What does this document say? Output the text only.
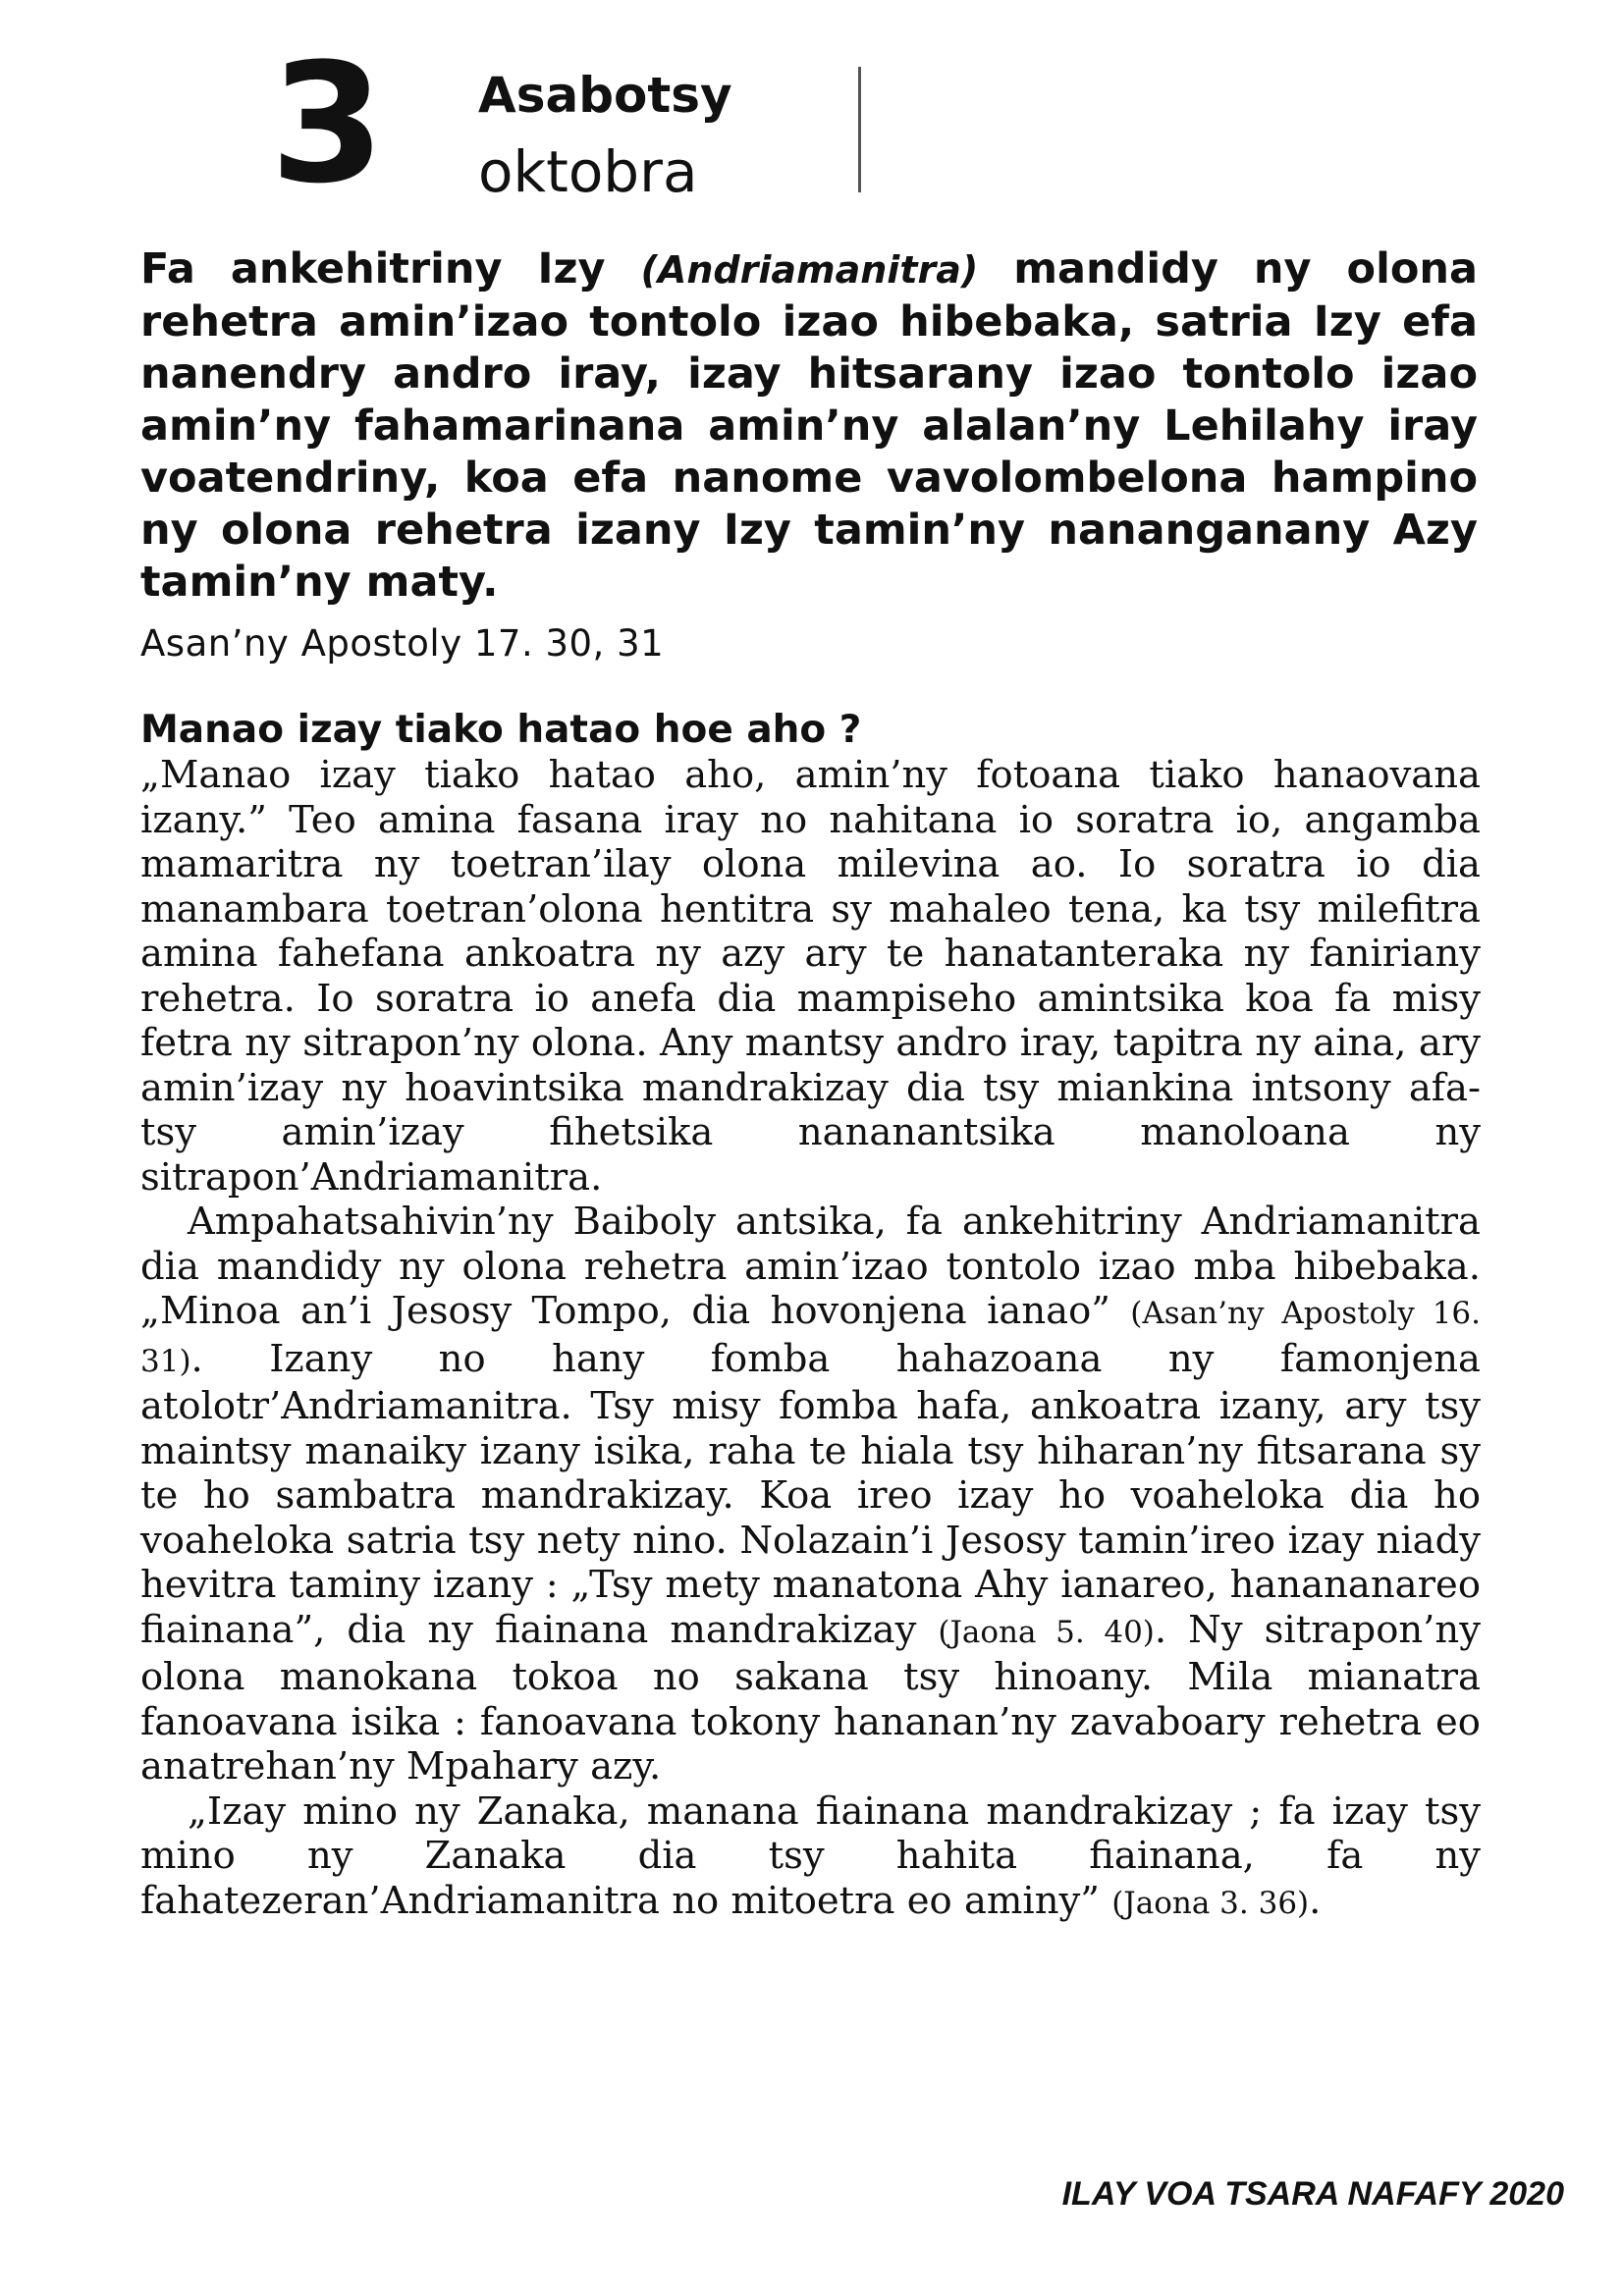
3 Asabotsy
oktobra

Fa ankehitriny Izy (Andriamanitra) mandidy ny olona rehetra amin’izao tontolo izao hibebaka, satria Izy efa nanendry andro iray, izay hitsarany izao tontolo izao amin’ny fahamarinana amin’ny alalan’ny Lehilahy iray voatendriny, koa efa nanome vavolombelona hampino ny olona rehetra izany Izy tamin’ny nananganany Azy tamin’ny maty.

Asan’ny Apostoly 17. 30, 31
Manao izay tiako hatao hoe aho ?

„Manao izay tiako hatao aho, amin’ny fotoana tiako hanaovana izany.” Teo amina fasana iray no nahitana io soratra io, angamba mamaritra ny toetran’ilay olona milevina ao. Io soratra io dia manambara toetran’olona hentitra sy mahaleo tena, ka tsy milefitra amina fahefana ankoatra ny azy ary te hanatanteraka ny faniriany rehetra. Io soratra io anefa dia mampiseho amintsika koa fa misy fetra ny sitrapon’ny olona. Any mantsy andro iray, tapitra ny aina, ary amin’izay ny hoavintsika mandrakizay dia tsy miankina intsony afa-tsy amin’izay fihetsika nananantsika manoloana ny sitrapon’Andriamanitra.

Ampahatsahivin’ny Baiboly antsika, fa ankehitriny Andriamanitra dia mandidy ny olona rehetra amin’izao tontolo izao mba hibebaka. „Minoa an’i Jesosy Tompo, dia hovonjena ianao” (Asan’ny Apostoly 16. 31). Izany no hany fomba hahazoana ny famonjena atolotr’Andriamanitra. Tsy misy fomba hafa, ankoatra izany, ary tsy maintsy manaiky izany isika, raha te hiala tsy hiharan’ny fitsarana sy te ho sambatra mandrakizay. Koa ireo izay ho voaheloka dia ho voaheloka satria tsy nety nino. Nolazain’i Jesosy tamin’ireo izay niady hevitra taminy izany : „Tsy mety manatona Ahy ianareo, hanananareo fiainana”, dia ny fiainana mandrakizay (Jaona 5. 40). Ny sitrapon’ny olona manokana tokoa no sakana tsy hinoany. Mila mianatra fanoavana isika : fanoavana tokony hananan’ny zavaboary rehetra eo anatrehan’ny Mpahary azy.

„Izay mino ny Zanaka, manana fiainana mandrakizay ; fa izay tsy mino ny Zanaka dia tsy hahita fiainana, fa ny fahatezeran’Andriamanitra no mitoetra eo aminy” (Jaona 3. 36).

ILAY VOA TSARA NAFAFY 2020
